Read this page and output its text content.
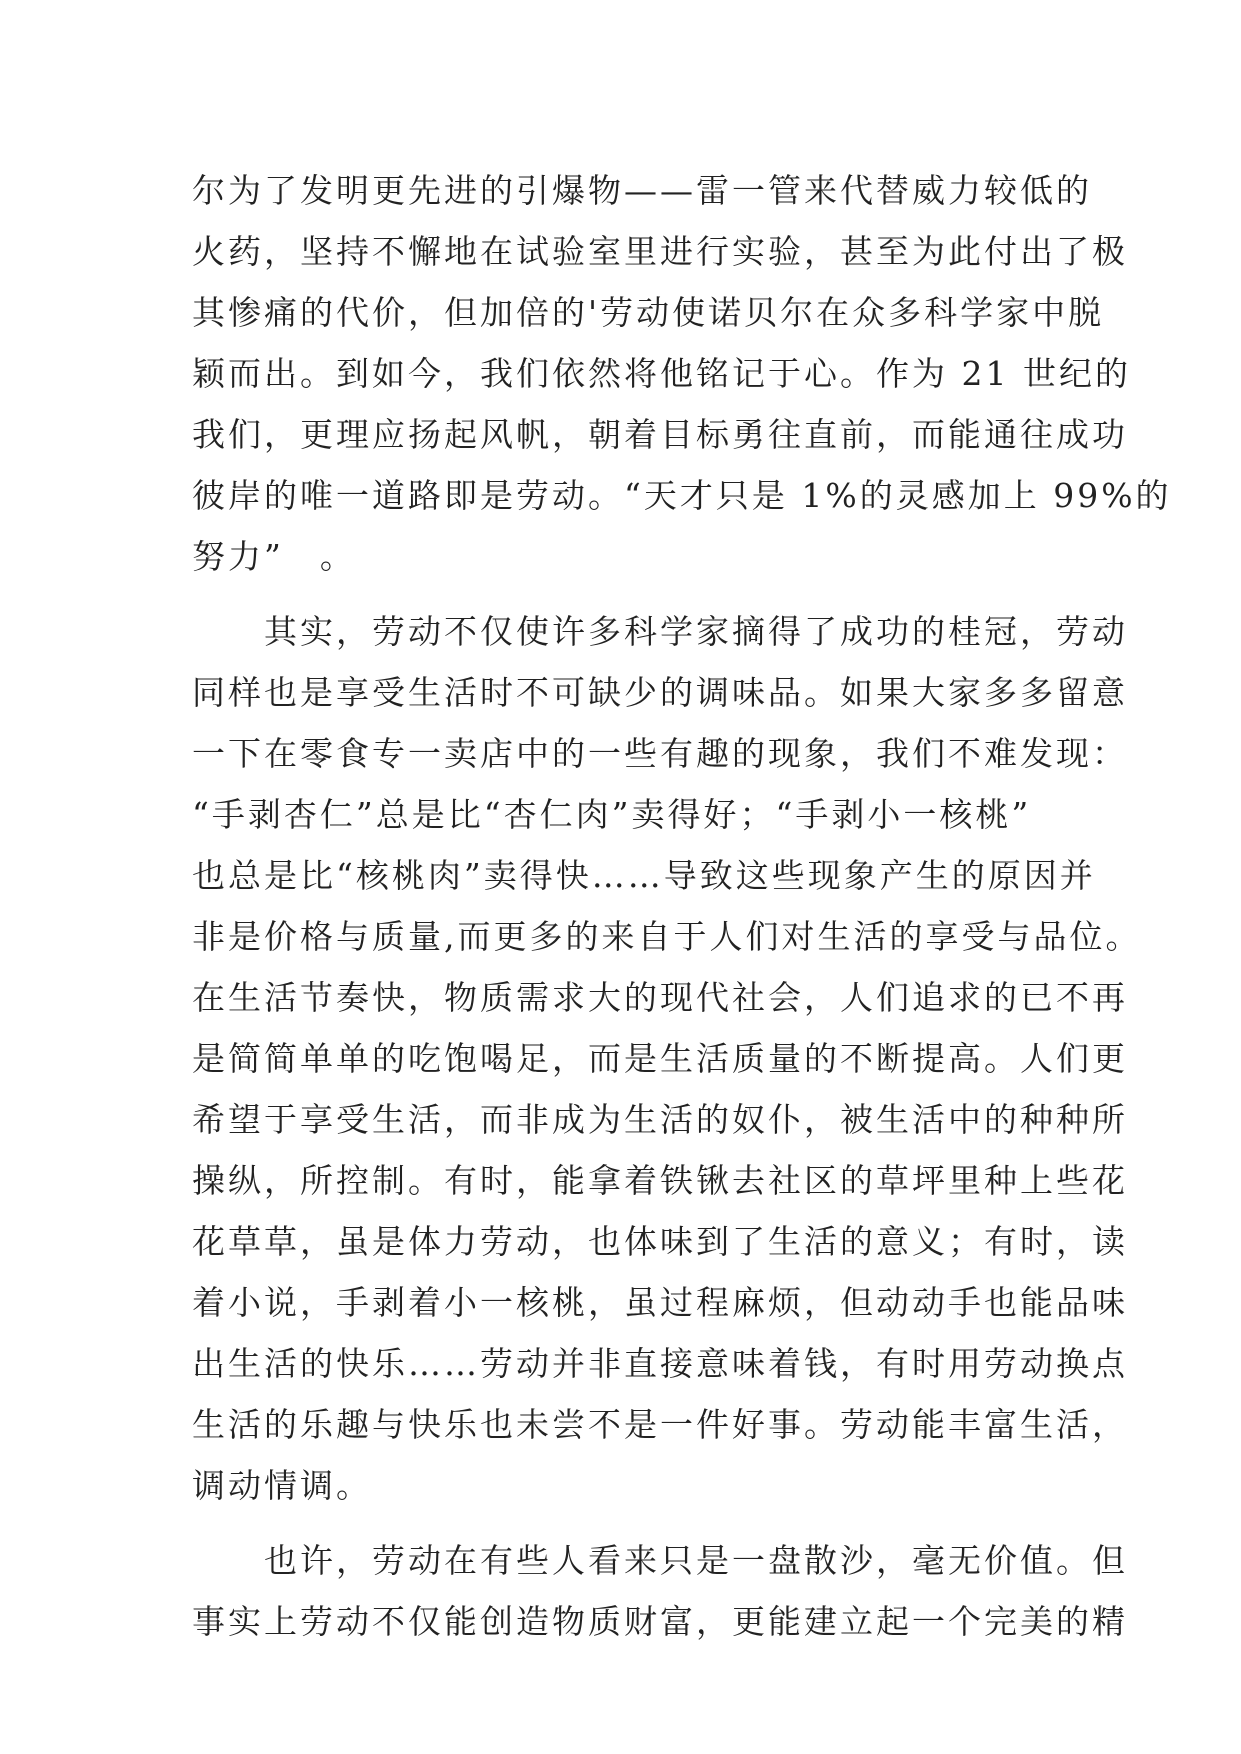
尔为了发明更先进的引爆物——雷一管来代替威力较低的
火药，坚持不懈地在试验室里进行实验，甚至为此付出了极
其惨痛的代价，但加倍的'劳动使诺贝尔在众多科学家中脱
颖而出。到如今，我们依然将他铭记于心。作为 21 世纪的
我们，更理应扬起风帆，朝着目标勇往直前，而能通往成功
彼岸的唯一道路即是劳动。“天才只是 1%的灵感加上 99%的
努力”　。
　　其实，劳动不仅使许多科学家摘得了成功的桂冠，劳动
同样也是享受生活时不可缺少的调味品。如果大家多多留意
一下在零食专一卖店中的一些有趣的现象，我们不难发现：
“手剥杏仁”总是比“杏仁肉”卖得好；“手剥小一核桃”
也总是比“核桃肉”卖得快……导致这些现象产生的原因并
非是价格与质量,而更多的来自于人们对生活的享受与品位。
在生活节奏快，物质需求大的现代社会，人们追求的已不再
是简简单单的吃饱喝足，而是生活质量的不断提高。人们更
希望于享受生活，而非成为生活的奴仆，被生活中的种种所
操纵，所控制。有时，能拿着铁锹去社区的草坪里种上些花
花草草，虽是体力劳动，也体味到了生活的意义；有时，读
着小说，手剥着小一核桃，虽过程麻烦，但动动手也能品味
出生活的快乐……劳动并非直接意味着钱，有时用劳动换点
生活的乐趣与快乐也未尝不是一件好事。劳动能丰富生活，
调动情调。
　　也许，劳动在有些人看来只是一盘散沙，毫无价值。但
事实上劳动不仅能创造物质财富，更能建立起一个完美的精
